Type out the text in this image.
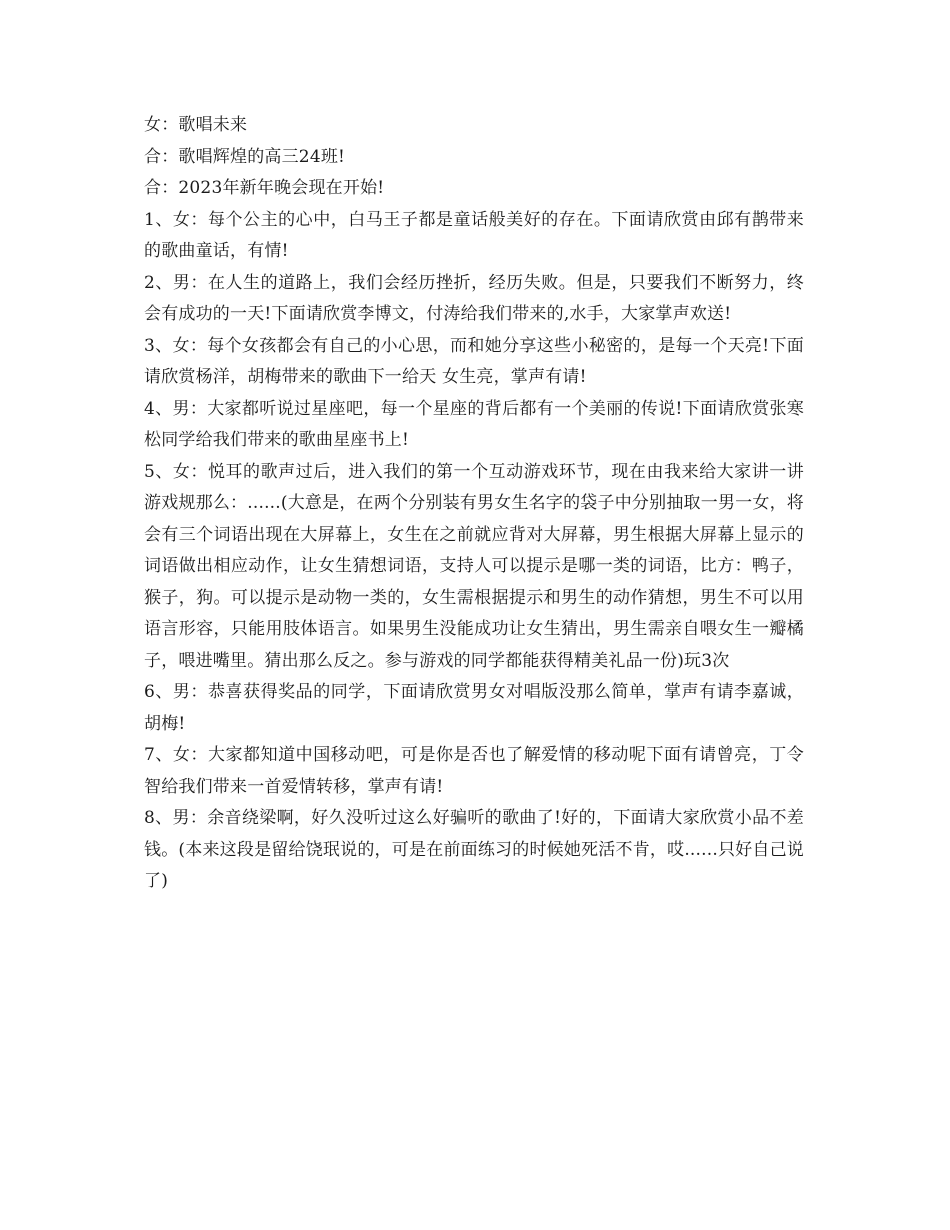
女：歌唱未来

合：歌唱辉煌的高三24班!

合：2023年新年晚会现在开始!

1、女：每个公主的心中，白马王子都是童话般美好的存在。下面请欣赏由邱有鹊带来的歌曲童话，有情!

2、男：在人生的道路上，我们会经历挫折，经历失败。但是，只要我们不断努力，终会有成功的一天!下面请欣赏李博文，付涛给我们带来的,水手，大家掌声欢送!

3、女：每个女孩都会有自己的小心思，而和她分享这些小秘密的，是每一个天亮!下面请欣赏杨洋，胡梅带来的歌曲下一给天 女生亮，掌声有请!

4、男：大家都听说过星座吧，每一个星座的背后都有一个美丽的传说!下面请欣赏张寒松同学给我们带来的歌曲星座书上!

5、女：悦耳的歌声过后，进入我们的第一个互动游戏环节，现在由我来给大家讲一讲游戏规那么：......(大意是，在两个分别装有男女生名字的袋子中分别抽取一男一女，将会有三个词语出现在大屏幕上，女生在之前就应背对大屏幕，男生根据大屏幕上显示的词语做出相应动作，让女生猜想词语，支持人可以提示是哪一类的词语，比方：鸭子，猴子，狗。可以提示是动物一类的，女生需根据提示和男生的动作猜想，男生不可以用语言形容，只能用肢体语言。如果男生没能成功让女生猜出，男生需亲自喂女生一瓣橘子，喂进嘴里。猜出那么反之。参与游戏的同学都能获得精美礼品一份)玩3次

6、男：恭喜获得奖品的同学，下面请欣赏男女对唱版没那么简单，掌声有请李嘉诚，胡梅!

7、女：大家都知道中国移动吧，可是你是否也了解爱情的移动呢下面有请曾亮，丁令智给我们带来一首爱情转移，掌声有请!

8、男：余音绕梁啊，好久没听过这么好骗听的歌曲了!好的，下面请大家欣赏小品不差钱。(本来这段是留给饶珉说的，可是在前面练习的时候她死活不肯，哎......只好自己说了)
